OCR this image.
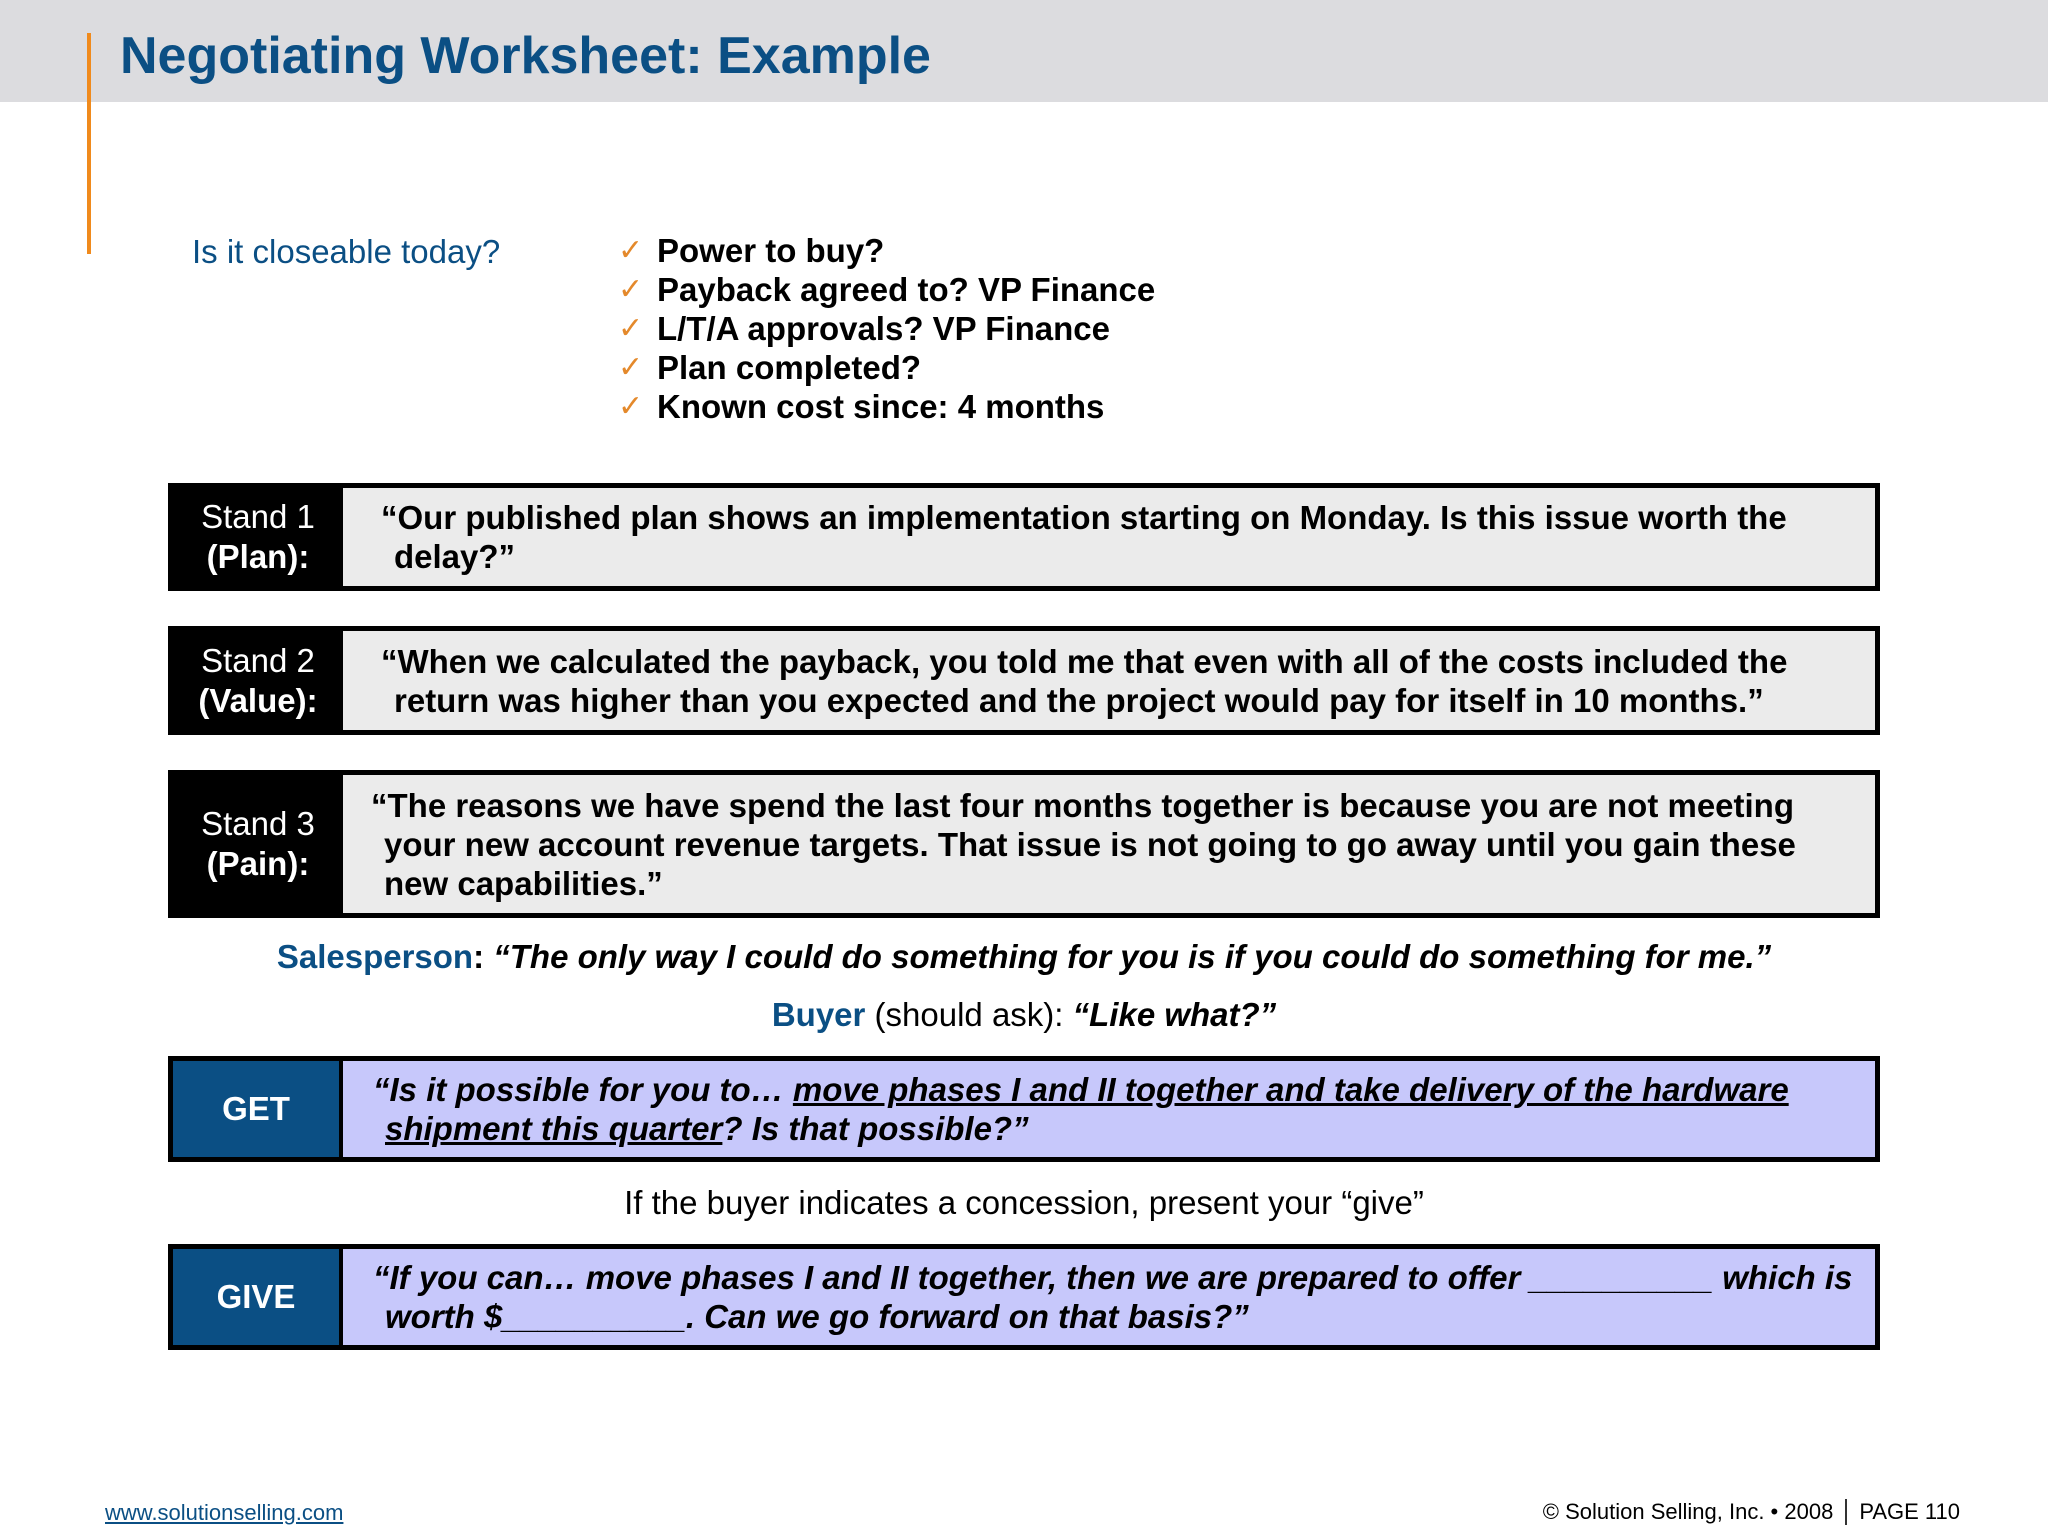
Negotiating Worksheet: Example
Is it closeable today?	✓ Power to buy?
✓ Payback agreed to? VP Finance
✓ L/T/A approvals? VP Finance
✓ Plan completed?
✓ Known cost since: 4 months
Stand 1
(Plan):
“Our published plan shows an implementation starting on Monday. Is this issue worth the delay?”
Stand 2
(Value):
“When we calculated the payback, you told me that even with all of the costs included the return was higher than you expected and the project would pay for itself in 10 months.”
Stand 3
(Pain):
“The reasons we have spend the last four months together is because you are not meeting your new account revenue targets. That issue is not going to go away until you gain these new capabilities.”
Salesperson: “The only way I could do something for you is if you could do something for me.”
Buyer (should ask): “Like what?”
GET
“Is it possible for you to… move phases I and II together and take delivery of the hardware shipment this quarter? Is that possible?”
If the buyer indicates a concession, present your “give”
GIVE
“If you can… move phases I and II together, then we are prepared to offer __________ which is worth $__________. Can we go forward on that basis?”
www.solutionselling.com	© Solution Selling, Inc. • 2008 PAGE 110
